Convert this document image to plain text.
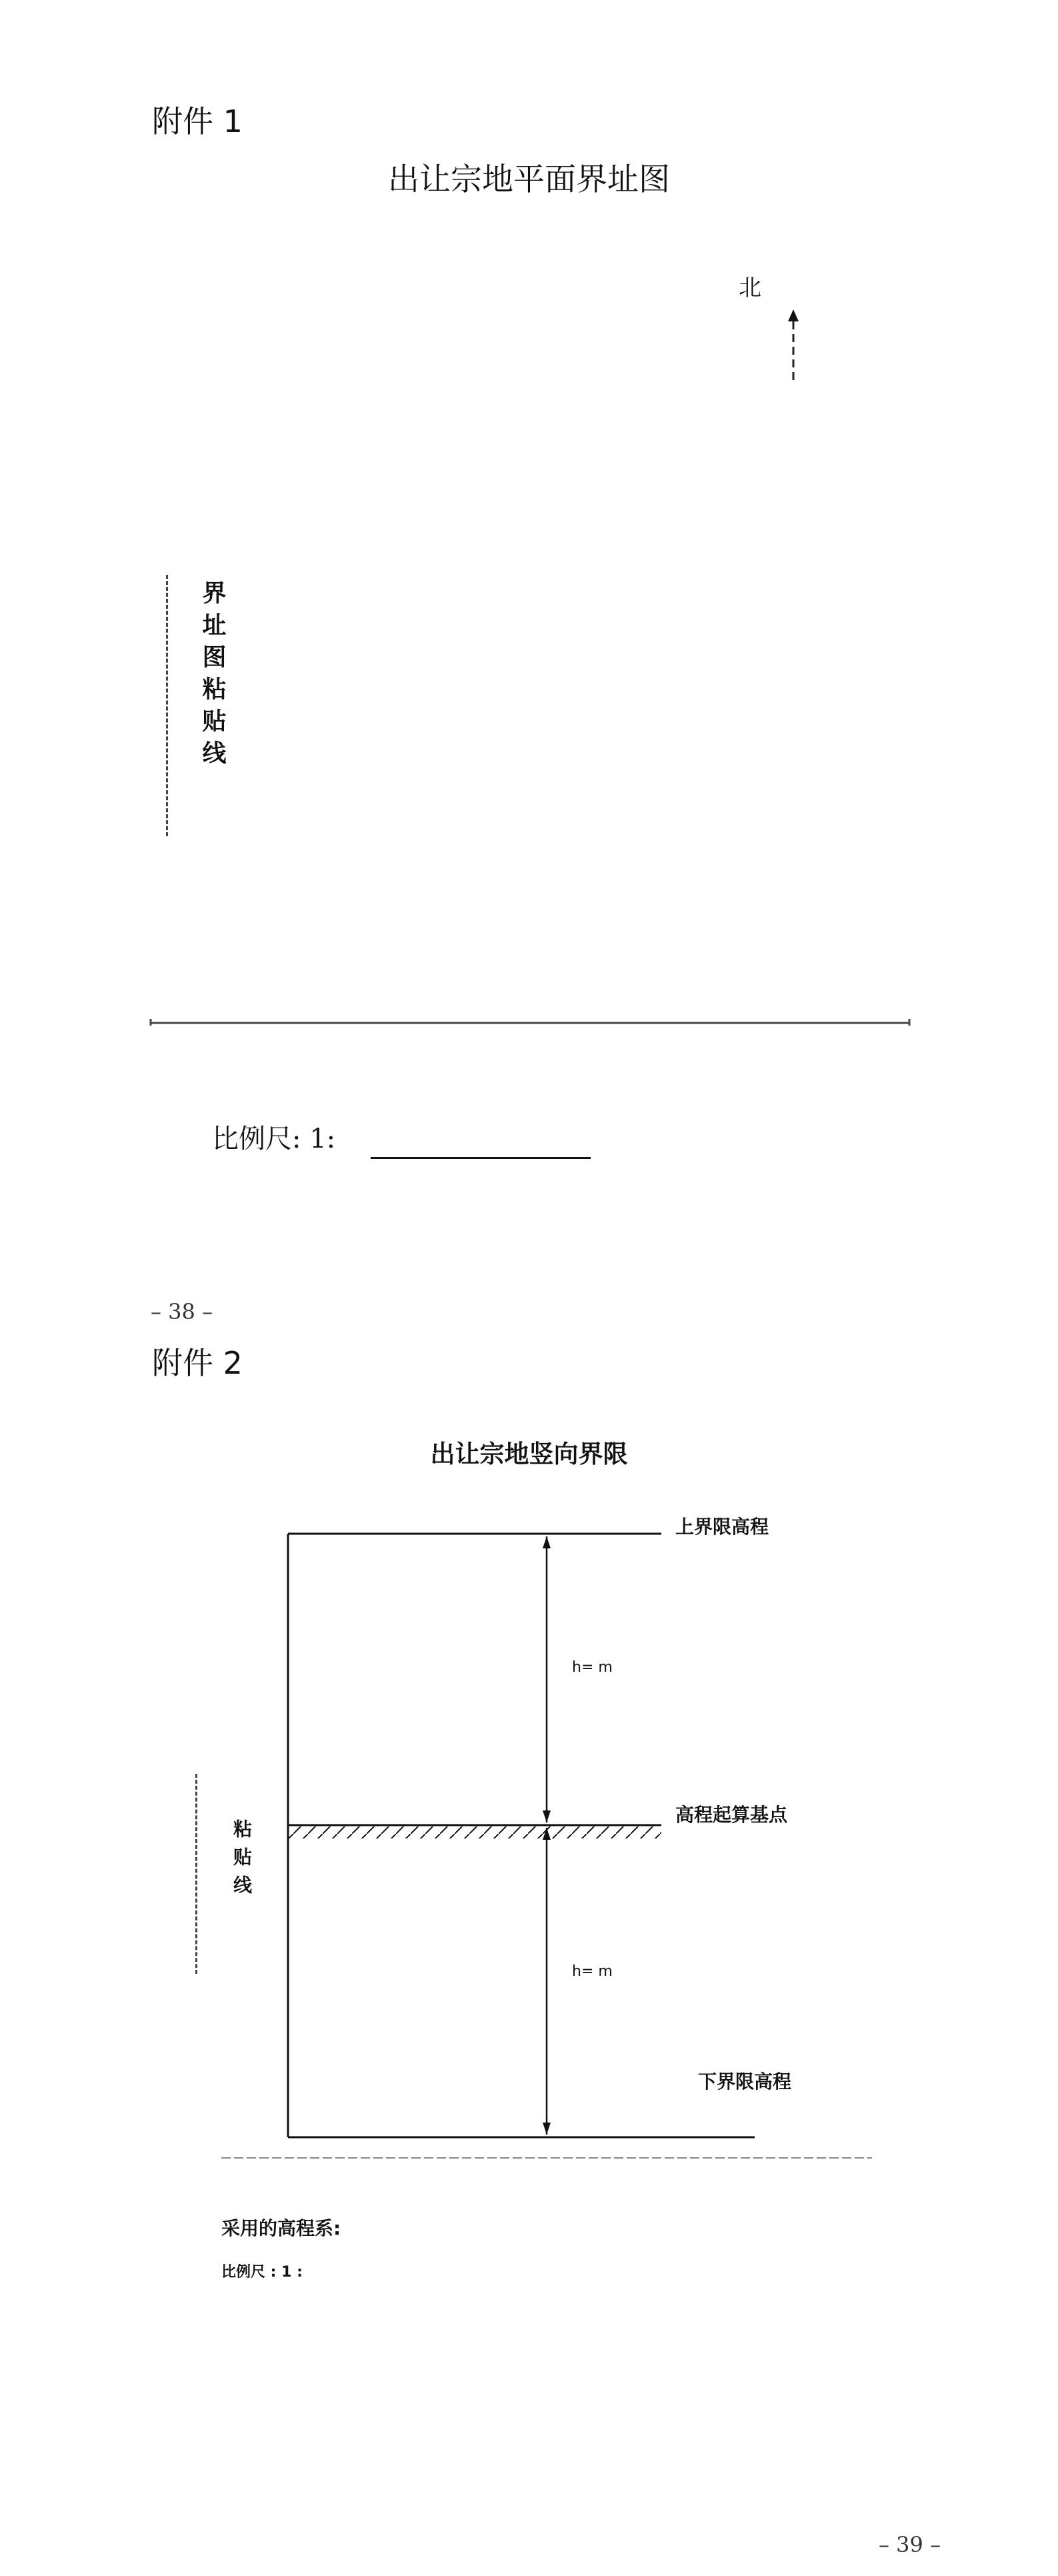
附件 1
出让宗地平面界址图
北
界址图粘贴线
比例尺: 1:
– 38 –
附件 2
出让宗地竖向界限
上界限高程
高程起算基点
下界限高程
h= m
h= m
粘贴线
采用的高程系:
比例尺 : 1 :
– 39 –
